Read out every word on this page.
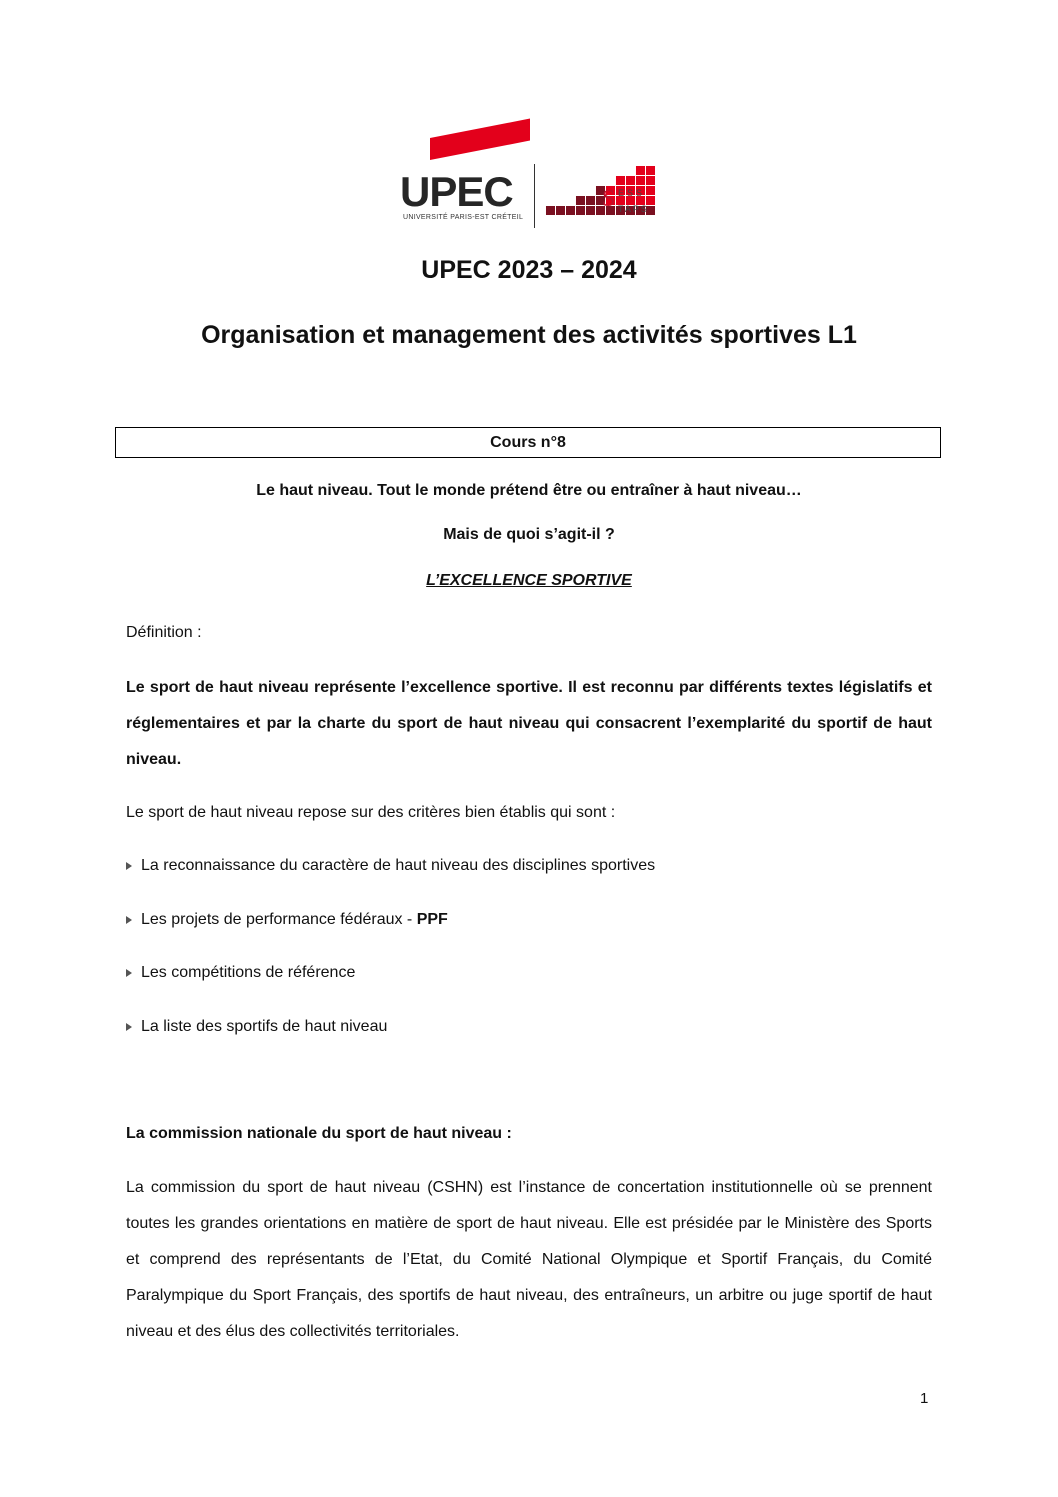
UPEC
UNIVERSITÉ PARIS-EST CRÉTEIL
S ESS
TAPS
UPEC 2023 – 2024
Organisation et management des activités sportives L1
Cours n°8
Le haut niveau. Tout le monde prétend être ou entraîner à haut niveau…
Mais de quoi s’agit-il ?
L’EXCELLENCE SPORTIVE
Définition :
Le sport de haut niveau représente l’excellence sportive. Il est reconnu par différents textes législatifs et réglementaires et par la charte du sport de haut niveau qui consacrent l’exemplarité du sportif de haut niveau.
Le sport de haut niveau repose sur des critères bien établis qui sont :
La reconnaissance du caractère de haut niveau des disciplines sportives
Les projets de performance fédéraux - PPF
Les compétitions de référence
La liste des sportifs de haut niveau
La commission nationale du sport de haut niveau :
La commission du sport de haut niveau (CSHN) est l’instance de concertation institutionnelle où se prennent toutes les grandes orientations en matière de sport de haut niveau. Elle est présidée par le Ministère des Sports et comprend des représentants de l’Etat, du Comité National Olympique et Sportif Français, du Comité Paralympique du Sport Français, des sportifs de haut niveau, des entraîneurs, un arbitre ou juge sportif de haut niveau et des élus des collectivités territoriales.
1
